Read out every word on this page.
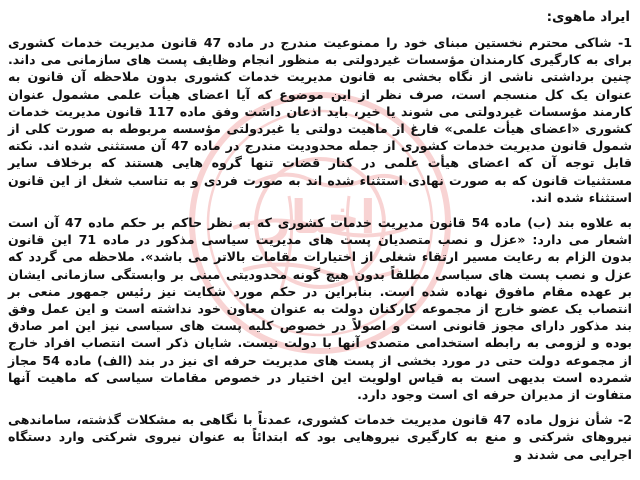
اخبار
ایراد ماهوی:

1- شاکی محترم نخستین مبنای خود را ممنوعیت مندرج در ماده 47 قانون مدیریت خدمات کشوری برای به کارگیری کارمندان مؤسسات غیردولتی به منظور انجام وظایف پست های سازمانی می داند. چنین برداشتی ناشی از نگاه بخشی به قانون مدیریت خدمات کشوری بدون ملاحظه آن قانون به عنوان یک کل منسجم است، صرف نظر از این موضوع که آیا اعضای هیأت علمی مشمول عنوان کارمند مؤسسات غیردولتی می شوند یا خیر، باید اذعان داشت وفق ماده 117 قانون مدیریت خدمات کشوری «اعضای هیأت علمی» فارغ از ماهیت دولتی یا غیردولتی مؤسسه مربوطه به صورت کلی از شمول قانون مدیریت خدمات کشوری از جمله محدودیت مندرج در ماده 47 آن مستثنی شده اند. نکته قابل توجه آن که اعضای هیأت علمی در کنار قضات تنها گروه هایی هستند که برخلاف سایر مستثنیات قانون که به صورت نهادی استثناء شده اند به صورت فردی و به تناسب شغل از این قانون استثناء شده اند.

به علاوه بند (ب) ماده 54 قانون مدیریت خدمات کشوری که به نظر حاکم بر حکم ماده 47 آن است اشعار می دارد: «عزل و نصب متصدیان پست های مدیریت سیاسی مذکور در ماده 71 این قانون بدون الزام به رعایت مسیر ارتقاء شغلی از اختیارات مقامات بالاتر می باشد». ملاحظه می گردد که عزل و نصب پست های سیاسی مطلقاً بدون هیچ گونه محدودیتی مبنی بر وابستگی سازمانی ایشان بر عهده مقام مافوق نهاده شده است. بنابراین در حکم مورد شکایت نیز رئیس جمهور منعی بر انتصاب یک عضو خارج از مجموعه کارکنان دولت به عنوان معاون خود نداشته است و این عمل وفق بند مذکور دارای مجوز قانونی است و اصولاً در خصوص کلیه پست های سیاسی نیز این امر صادق بوده و لزومی به رابطه استخدامی متصدی آنها با دولت نیست. شایان ذکر است انتصاب افراد خارج از مجموعه دولت حتی در مورد بخشی از پست های مدیریت حرفه ای نیز در بند (الف) ماده 54 مجاز شمرده است بدیهی است به قیاس اولویت این اختیار در خصوص مقامات سیاسی که ماهیت آنها متفاوت از مدیران حرفه ای است وجود دارد.

2- شأن نزول ماده 47 قانون مدیریت خدمات کشوری، عمدتاً با نگاهی به مشکلات گذشته، ساماندهی نیروهای شرکتی و منع به کارگیری نیروهایی بود که ابتدائاً به عنوان نیروی شرکتی وارد دستگاه اجرایی می شدند و
